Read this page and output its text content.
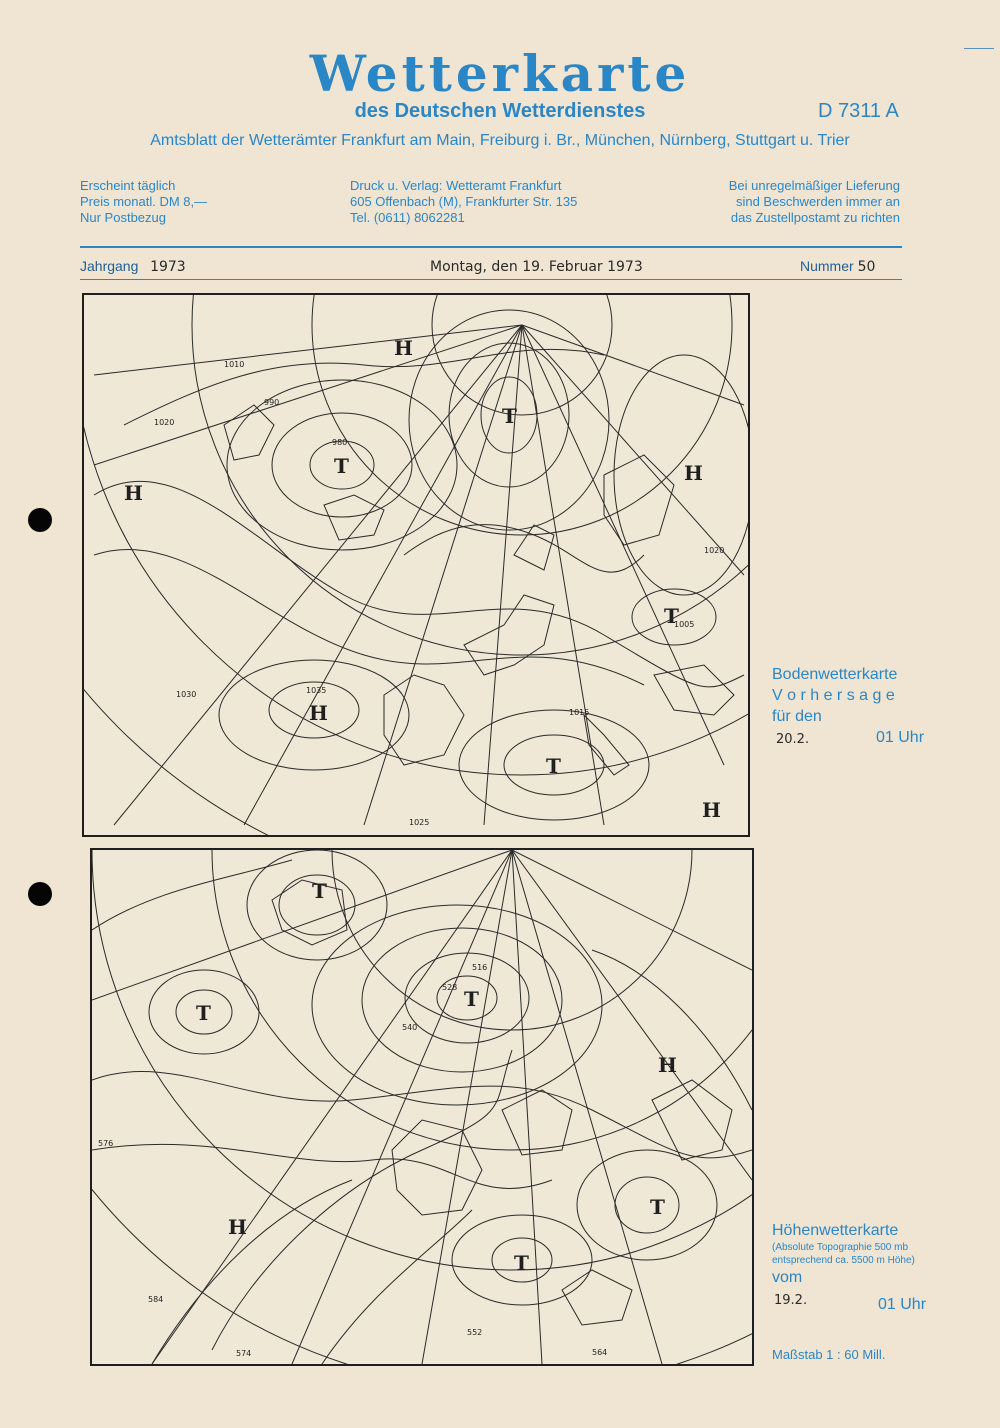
Wetterkarte
des Deutschen Wetterdienstes	D 7311 A
Amtsblatt der Wetterämter Frankfurt am Main, Freiburg i. Br., München, Nürnberg, Stuttgart u. Trier
Erscheint täglich
Preis monatl. DM 8,—
Nur Postbezug
Druck u. Verlag: Wetteramt Frankfurt
605 Offenbach (M), Frankfurter Str. 135
Tel. (0611) 8062281
Bei unregelmäßiger Lieferung
sind Beschwerden immer an
das Zustellpostamt zu richten
Jahrgang 1973	Montag, den 19. Februar 1973	Nummer 50
H
T
T
H
H
T
T
H
H
1010
1020
1030	1035
1025
1015
1005
980
990
1020
Bodenwetterkarte
V o r h e r s a g e
für den
20.2.	01 Uhr
T
T
T
H
T
H
T
516
528
540
552
564
576
584
574
Höhenwetterkarte
(Absolute Topographie 500 mb
entsprechend ca. 5500 m Höhe)
vom
19.2.	01 Uhr
Maßstab 1 : 60 Mill.
